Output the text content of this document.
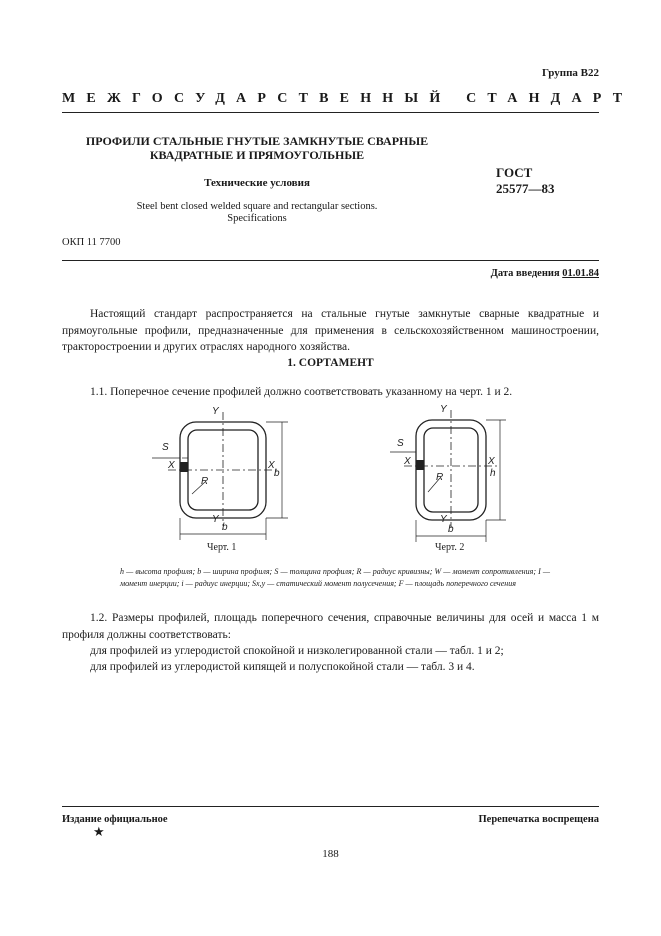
Группа В22
МЕЖГОСУДАРСТВЕННЫЙ СТАНДАРТ
ПРОФИЛИ СТАЛЬНЫЕ ГНУТЫЕ ЗАМКНУТЫЕ СВАРНЫЕ
КВАДРАТНЫЕ И ПРЯМОУГОЛЬНЫЕ
Технические условия
Steel bent closed welded square and rectangular sections.
Specifications
ГОСТ
25577—83
ОКП 11 7700
Дата введения 01.01.84
Настоящий стандарт распространяется на стальные гнутые замкнутые сварные квадратные и прямоугольные профили, предназначенные для применения в сельскохозяйственном машиностроении, тракторостроении и других отраслях народного хозяйства.
1. СОРТАМЕНТ
1.1. Поперечное сечение профилей должно соответствовать указанному на черт. 1 и 2.
Y
S
X	X
R
Y
b
b
Y
S
X	X
R
Y
b
h
Черт. 1	Черт. 2
h — высота профиля; b — ширина профиля; S — толщина профиля; R — радиус кривизны; W — момент сопротивления; I — момент инерции; i — радиус инерции; Sx,y — статический момент полусечения; F — площадь поперечного сечения
1.2. Размеры профилей, площадь поперечного сечения, справочные величины для осей и масса 1 м профиля должны соответствовать:
для профилей из углеродистой спокойной и низколегированной стали — табл. 1 и 2;
для профилей из углеродистой кипящей и полуспокойной стали — табл. 3 и 4.
Издание официальное	Перепечатка воспрещена
★
188
